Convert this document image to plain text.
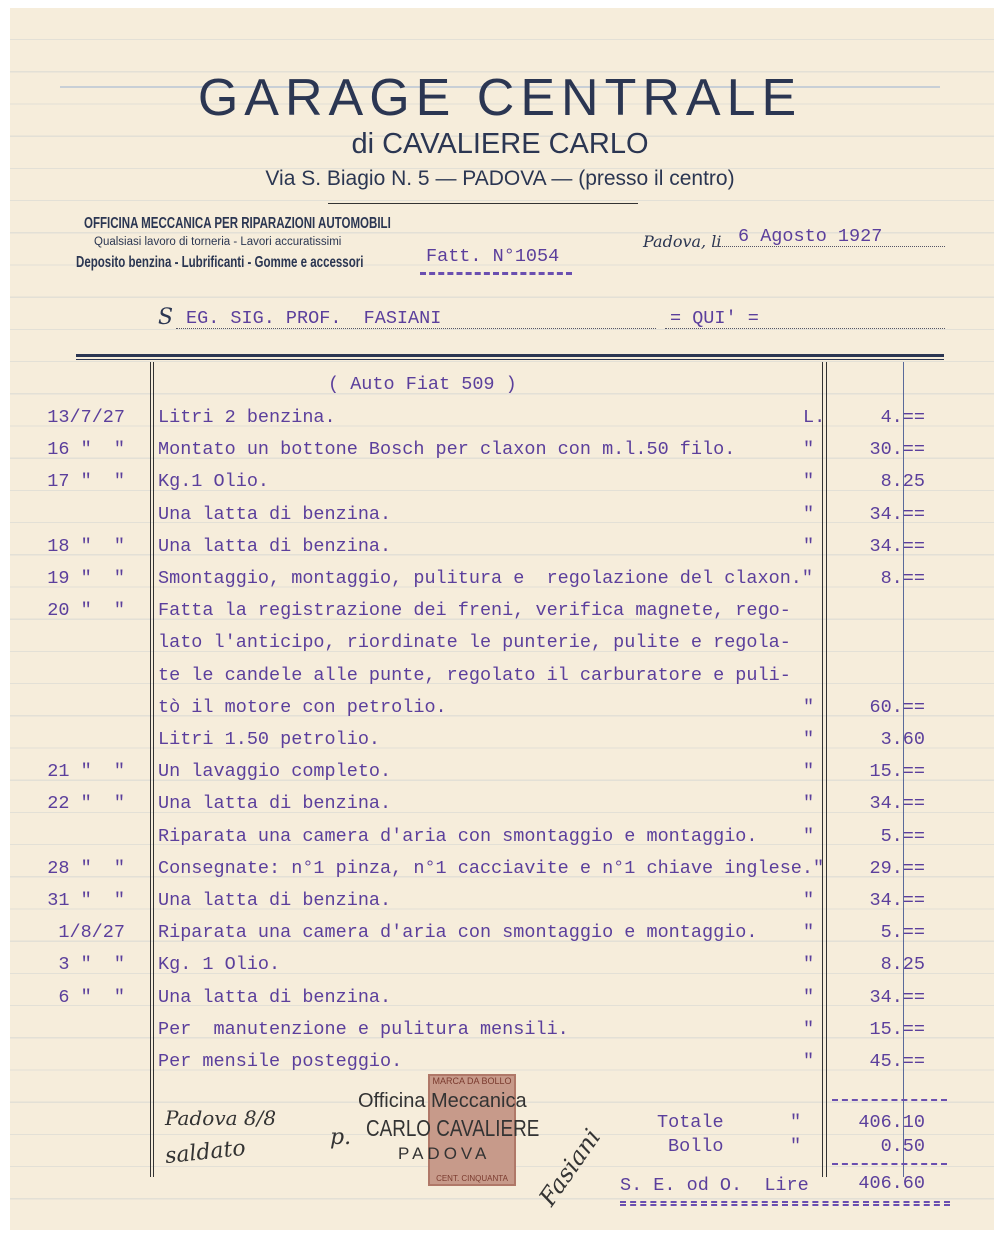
GARAGE CENTRALE
di CAVALIERE CARLO
Via S. Biagio N. 5 — PADOVA — (presso il centro)
OFFICINA MECCANICA PER RIPARAZIONI AUTOMOBILI
Qualsiasi lavoro di torneria - Lavori accuratissimi
Deposito benzina - Lubrificanti - Gomme e accessori	Fatt. N°1054
Padova, li 6 Agosto 1927
S EG. SIG. PROF.  FASIANI	= QUI' =
( Auto Fiat 509 )
13/7/27 Litri 2 benzina.	L.	4.==
16 "  " Montato un bottone Bosch per claxon con m.l.50 filo.	"	30.==
17 "  " Kg.1 Olio.	"	8.25
Una latta di benzina.	"	34.==
18 "  " Una latta di benzina.	"	34.==
19 "  " Smontaggio, montaggio, pulitura e  regolazione del claxon."	8.==
20 "  " Fatta la registrazione dei freni, verifica magnete, rego-
lato l'anticipo, riordinate le punterie, pulite e regola-
te le candele alle punte, regolato il carburatore e puli-
tò il motore con petrolio.	"	60.==
Litri 1.50 petrolio.	"	3.60
21 "  " Un lavaggio completo.	"	15.==
22 "  " Una latta di benzina.	"	34.==
Riparata una camera d'aria con smontaggio e montaggio. "	5.==
28 "  " Consegnate: n°1 pinza, n°1 cacciavite e n°1 chiave inglese." 29.==
31 "  " Una latta di benzina.	"	34.==
1/8/27 Riparata una camera d'aria con smontaggio e montaggio. "	5.==
3 "  " Kg. 1 Olio.	"	8.25
6 "  " Una latta di benzina.	"	34.==
Per  manutenzione e pulitura mensili.	"	15.==
Per mensile posteggio.	"	45.==
Totale	"	406.10
Bollo	"	0.50
S. E. od O.  Lire	406.60
Padova 8/8
saldato
MARCA DA BOLLO
CENT. CINQUANTA
Officina Meccanica
p. CARLO CAVALIERE
PADOVA Fasiani
